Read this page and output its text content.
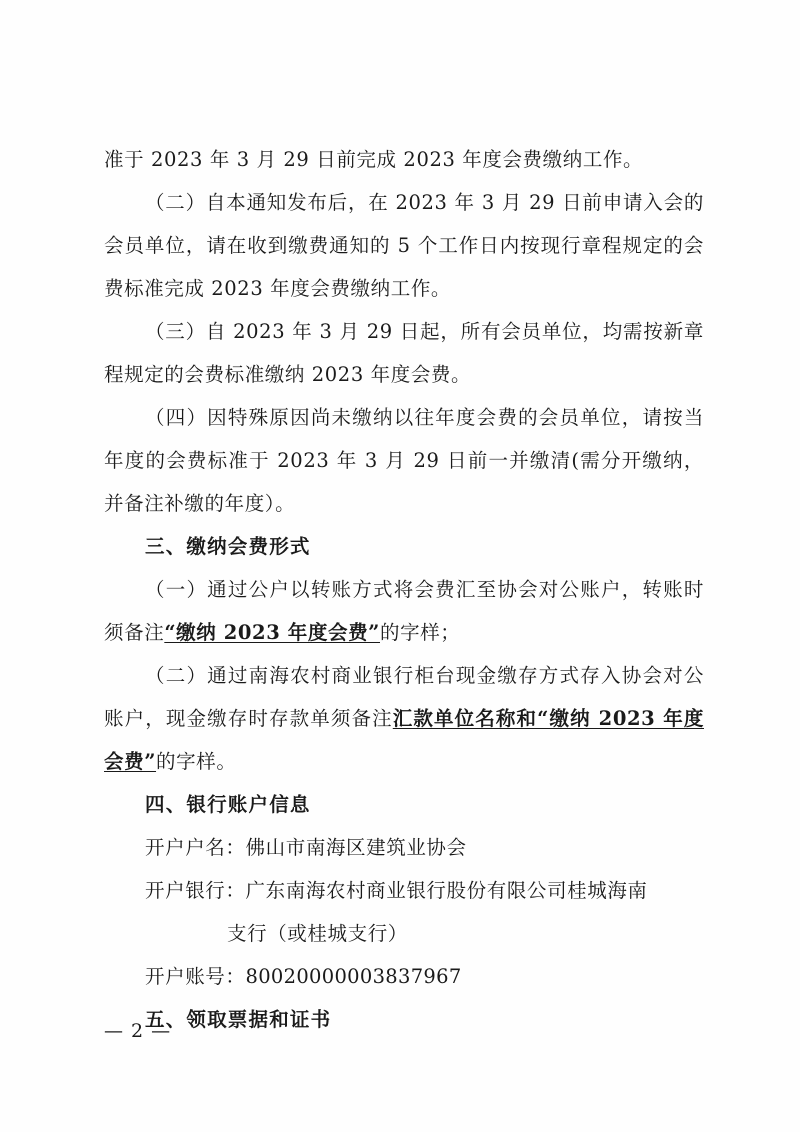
准于 2023 年 3 月 29 日前完成 2023 年度会费缴纳工作。

（二）自本通知发布后，在 2023 年 3 月 29 日前申请入会的会员单位，请在收到缴费通知的 5 个工作日内按现行章程规定的会费标准完成 2023 年度会费缴纳工作。

（三）自 2023 年 3 月 29 日起，所有会员单位，均需按新章程规定的会费标准缴纳 2023 年度会费。

（四）因特殊原因尚未缴纳以往年度会费的会员单位，请按当年度的会费标准于 2023 年 3 月 29 日前一并缴清(需分开缴纳，并备注补缴的年度）。

三、缴纳会费形式

（一）通过公户以转账方式将会费汇至协会对公账户，转账时须备注“缴纳 2023 年度会费”的字样；

（二）通过南海农村商业银行柜台现金缴存方式存入协会对公账户，现金缴存时存款单须备注汇款单位名称和“缴纳 2023 年度会费”的字样。

四、银行账户信息

开户户名：佛山市南海区建筑业协会

开户银行：广东南海农村商业银行股份有限公司桂城海南

支行（或桂城支行）

开户账号：80020000003837967

五、领取票据和证书

— 2 —
